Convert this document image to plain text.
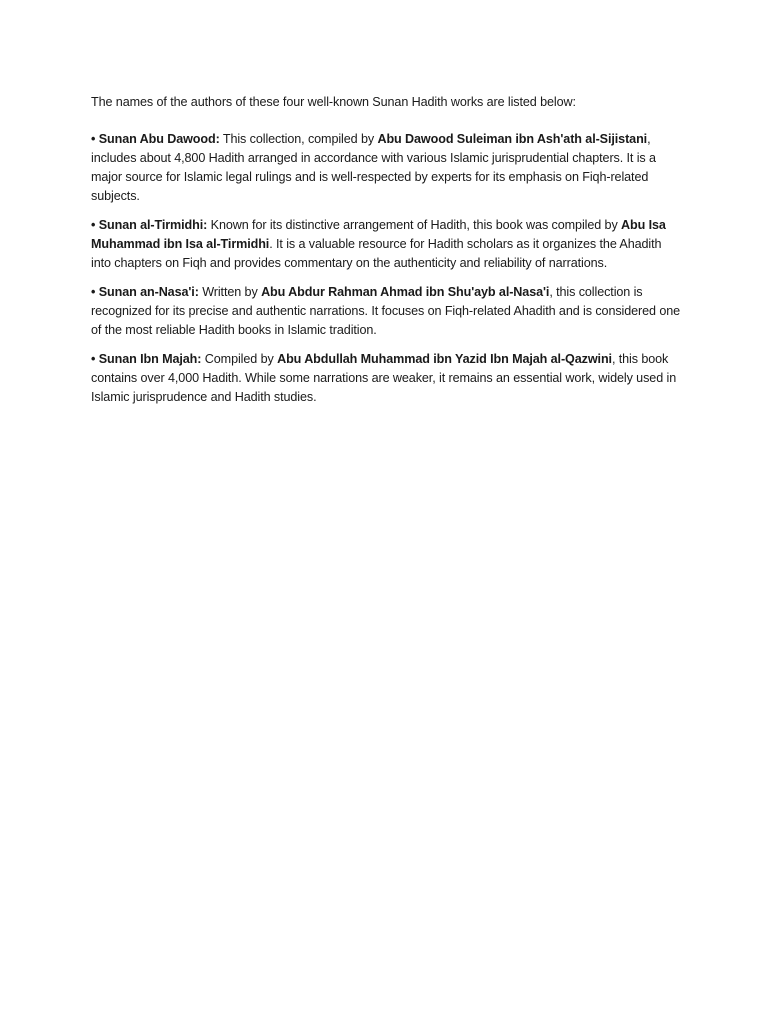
The names of the authors of these four well-known Sunan Hadith works are listed below:

• Sunan Abu Dawood: This collection, compiled by Abu Dawood Suleiman ibn Ash'ath al-Sijistani, includes about 4,800 Hadith arranged in accordance with various Islamic jurisprudential chapters. It is a major source for Islamic legal rulings and is well-respected by experts for its emphasis on Fiqh-related subjects.

• Sunan al-Tirmidhi: Known for its distinctive arrangement of Hadith, this book was compiled by Abu Isa Muhammad ibn Isa al-Tirmidhi. It is a valuable resource for Hadith scholars as it organizes the Ahadith into chapters on Fiqh and provides commentary on the authenticity and reliability of narrations.

• Sunan an-Nasa'i: Written by Abu Abdur Rahman Ahmad ibn Shu'ayb al-Nasa'i, this collection is recognized for its precise and authentic narrations. It focuses on Fiqh-related Ahadith and is considered one of the most reliable Hadith books in Islamic tradition.

• Sunan Ibn Majah: Compiled by Abu Abdullah Muhammad ibn Yazid Ibn Majah al-Qazwini, this book contains over 4,000 Hadith. While some narrations are weaker, it remains an essential work, widely used in Islamic jurisprudence and Hadith studies.
